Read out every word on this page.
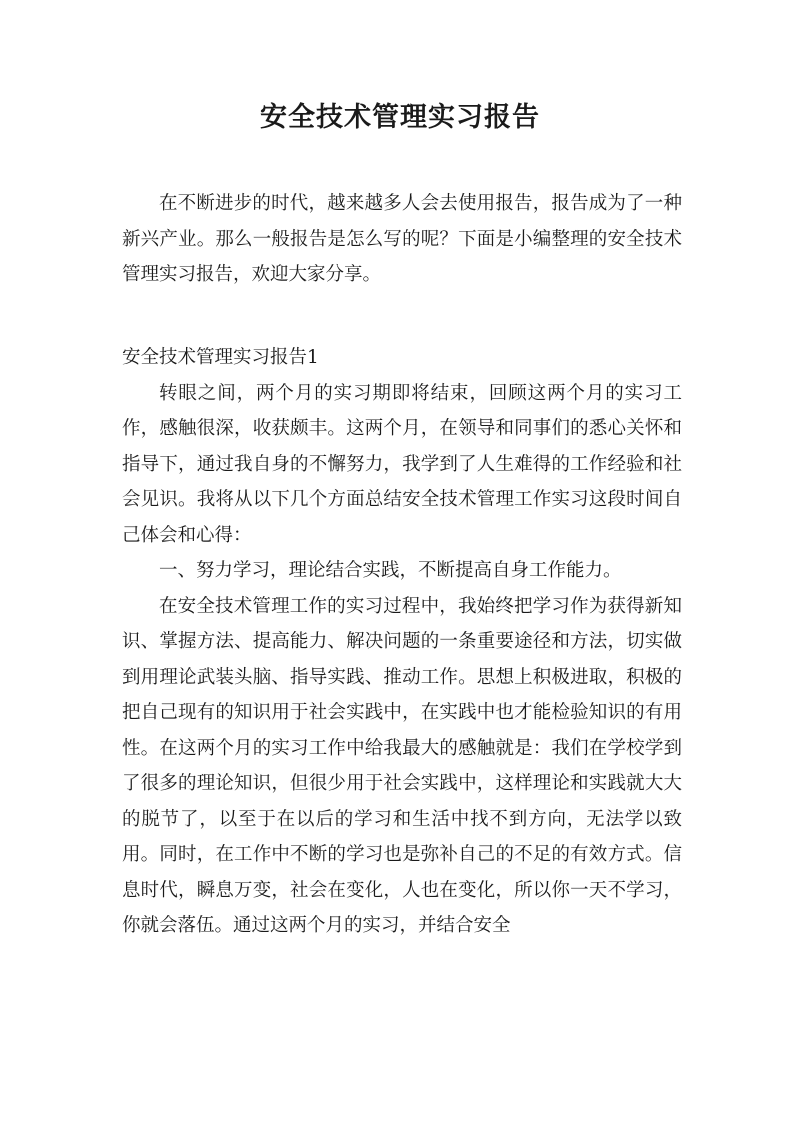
安全技术管理实习报告

在不断进步的时代，越来越多人会去使用报告，报告成为了一种新兴产业。那么一般报告是怎么写的呢？下面是小编整理的安全技术管理实习报告，欢迎大家分享。

安全技术管理实习报告1

转眼之间，两个月的实习期即将结束，回顾这两个月的实习工作，感触很深，收获颇丰。这两个月，在领导和同事们的悉心关怀和指导下，通过我自身的不懈努力，我学到了人生难得的工作经验和社会见识。我将从以下几个方面总结安全技术管理工作实习这段时间自己体会和心得：

一、努力学习，理论结合实践，不断提高自身工作能力。

在安全技术管理工作的实习过程中，我始终把学习作为获得新知识、掌握方法、提高能力、解决问题的一条重要途径和方法，切实做到用理论武装头脑、指导实践、推动工作。思想上积极进取，积极的把自己现有的知识用于社会实践中，在实践中也才能检验知识的有用性。在这两个月的实习工作中给我最大的感触就是：我们在学校学到了很多的理论知识，但很少用于社会实践中，这样理论和实践就大大的脱节了，以至于在以后的学习和生活中找不到方向，无法学以致用。同时，在工作中不断的学习也是弥补自己的不足的有效方式。信息时代，瞬息万变，社会在变化，人也在变化，所以你一天不学习，你就会落伍。通过这两个月的实习，并结合安全
